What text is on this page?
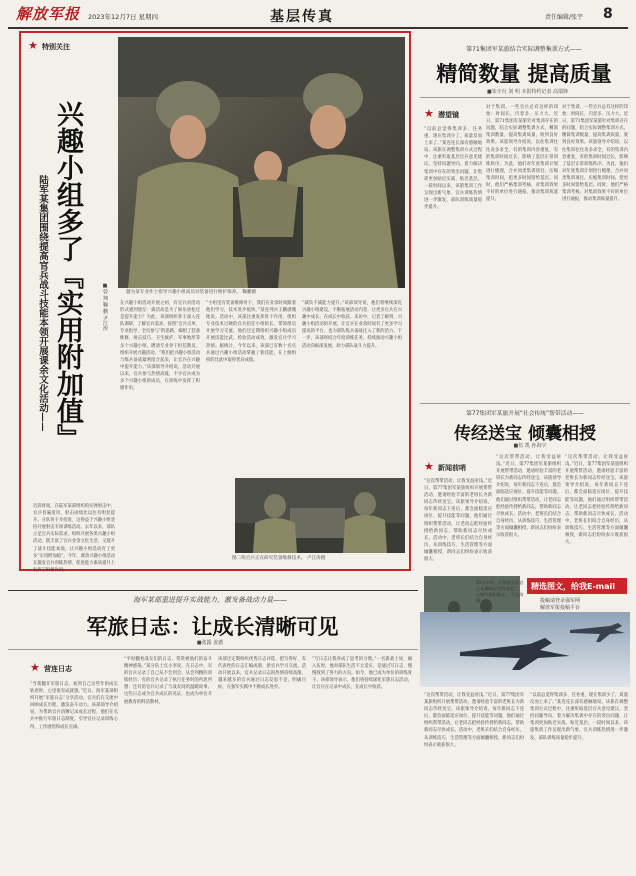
解放军报 2023年12月7日 星期四	基层传真	责任编辑/张宇 8
★ 特别关注
兴趣小组多了『实用附加值』
陆军某集团围绕提高官兵战斗技能本领开展课余文化活动——	■曾 翔 鞠 鹏 尹江涛	题为某专业作士指导兴趣小组成员对装备进行维护保养。 鞠鹏摄
图二组官兵正在研究装备维修技术。 卢江涛摄
近段时间，在陆军某部组织的实弹射击中，官兵普遍适用，射击成绩比以往有明显提升。分队骨干介绍说，这得益于兴趣小组坚持开展射击专项训练活动。去年以来，部队立足官兵实际需求，组织开展各类兴趣小组活动，既丰富了官兵业余文化生活，又提升了战斗技能本领，让兴趣小组活动有了更多“实用附加值”。今年，课余兴趣小组活动在激发官兵训练热情、促进能力素质提升上发挥了积极作用。
在兴趣小组活动开展之初，有官兵对活动形式感到迷茫：搞活动是为了娱乐放松还是提升能力？为此，该部组织骨干深入连队调研，了解官兵需求，按照“官兵点单、专业指导、全员参与”的思路，编组了装备维修、射击技巧、卫生救护、军事地形等多个兴趣小组，聘请专业骨干担任教员，组织开展兴趣活动。“我们把兴趣小组活动与练兵备战紧密结合起来，让官兵在兴趣中提升能力。”该部领导介绍说。活动开展以来，官兵参与热情高涨，不少官兵成为多个兴趣小组的成员，在训练中发挥了积极作用。
“小组里有装备维修骨干，我们在业余时间跟着他们学习，技术进步很快。”某连列兵王鹏感慨地说。活动中，该部注重发挥骨干作用，组织专业技术过硬的官兵担任小组组长，带领组员开展学习交流。他们还定期组织兴趣小组成员开展技能比武，检验活动成效，激发官兵学习热情。据统计，今年以来，该部已有数十名官兵通过兴趣小组活动掌握了新技能，在上级组织的比武中取得优异成绩。
“减负不减能力提升。”该部领导说，他们将继续深化兴趣小组建设，不断拓展活动内容，让更多官兵在兴趣中成长，在成长中收获。采访中，记者了解到，兴趣小组活动的开展，让官兵在业余时间有了更多学习提高的平台，也为部队练兵备战注入了新的活力。下一步，该部将结合年度训练任务，持续推动兴趣小组活动向纵深发展，助力部队战斗力提升。
第71集团军某旅结合实际调整集训方式——
精简数量 提高质量
■朱宇台 刘 明 本报特约记者 高瑞锋
★ 潜望镜
“以前总觉得集训多、任务重，现在集训少了，质量反而上来了。”某连连长深有感触地说。该旅在调整集训方式过程中，注重听取基层官兵意见建议，坚持问题导向，着力解决集训中存在的突出问题，让集训更加贴近实战、贴近基层。一段时间以来，该旅集训工作呈现出新气象，官兵训练热情进一步激发，部队训练质量稳步提升。
对于集训，一些官兵总有这样的印象：时间长、内容多、压力大。近日，第71集团军某旅针对集训存在的问题，结合实际调整集训方式，精简集训数量，提高集训质量，收到良好效果。该旅领导介绍说，以往集训往往贪多求全，有的集训内容重复，有的集训时间过长，影响了基层正常训练秩序。为此，他们对年度集训计划进行梳理，合并同类集训项目，压缩集训时间，把更多时间留给基层。同时，他们严格集训考核，对集训效果不好的单位进行通报，推动集训质量提升。
对于集训，一些官兵总有这样的印象：时间长、内容多、压力大。近日，第71集团军某旅针对集训存在的问题，结合实际调整集训方式，精简集训数量，提高集训质量，收到良好效果。该旅领导介绍说，以往集训往往贪多求全，有的集训内容重复，有的集训时间过长，影响了基层正常训练秩序。为此，他们对年度集训计划进行梳理，合并同类集训项目，压缩集训时间，把更多时间留给基层。同时，他们严格集训考核，对集训效果不好的单位进行通报，推动集训质量提升。
第77集团军某旅开展“社会传统”帮带活动——
传经送宝 倾囊相授
■伍 凯 孙海宇
★ 新闻前哨
“这次帮带活动，让我受益匪浅。”近日，第77集团军某旅组织开展帮带活动，邀请经验丰富的老班长为新同志传经送宝。该旅领导介绍说，每年新同志下连后，都会面临适应岗位、提升技能等问题，他们通过组织帮带活动，让老同志把经验传授给新同志，帮助新同志尽快成长。活动中，老班长们结合自身经历，从训练技巧、生活管理等方面倾囊相授，新同志们纷纷表示收获很大。
“这次帮带活动，让我受益匪浅。”近日，第77集团军某旅组织开展帮带活动，邀请经验丰富的老班长为新同志传经送宝。该旅领导介绍说，每年新同志下连后，都会面临适应岗位、提升技能等问题，他们通过组织帮带活动，让老同志把经验传授给新同志，帮助新同志尽快成长。活动中，老班长们结合自身经历，从训练技巧、生活管理等方面倾囊相授，新同志们纷纷表示收获很大。
“这次帮带活动，让我受益匪浅。”近日，第77集团军某旅组织开展帮带活动，邀请经验丰富的老班长为新同志传经送宝。该旅领导介绍说，每年新同志下连后，都会面临适应岗位、提升技能等问题，他们通过组织帮带活动，让老同志把经验传授给新同志，帮助新同志尽快成长。活动中，老班长们结合自身经历，从训练技巧、生活管理等方面倾囊相授，新同志们纷纷表示收获很大。
11月中旬，武警某支队官兵在确保安全的前提下，在野外组织练兵。 马文涛摄
精选图文，给我E-mail
投稿请登录强军网
解放军报投稿平台
海军某部重进提升实战能力，激发备战动力量——
军旅日志：让成长清晰可见
■张露 姜德
★ 营连日志
“当我翻开军旅日志，看到自己这些年的成长轨迹时，心里很有成就感。”近日，海军某部组织开展“军旅日志”分享活动，官兵们在交流中回顾成长历程，激发奋斗动力。该部领导介绍说，为帮助官兵清晰记录成长过程，他们在官兵中推行军旅日志制度，引导官兵记录训练心得、工作感悟和成长点滴。
“平时翻看战友们的日志，常常被他们的奋斗精神感染。”某分队士官小李说。在日志中，有的官兵记录了自己从不会到会、从会到精的训练经历；有的官兵记录了执行任务时的所思所想；还有的官兵记录了与战友间的温暖故事。这些日志成为官兵成长的见证，也成为单位开展教育的鲜活教材。
该部还定期组织优秀日志评选，把写得好、有代表性的日志汇编成册，供官兵学习交流。活动开展以来，官兵记录日志的热情持续高涨，越来越多的官兵通过日志反思不足、明确目标，在强军实践中不断成长进步。
“写日志让我养成了思考的习惯。”一名新战士说，刚入伍时，他对部队生活不太适应，是通过写日志，慢慢找到了努力的方向。如今，他已成为单位的训练骨干。该部领导表示，他们将持续深化军旅日志活动，让官兵在记录中成长，在成长中收获。
“这次帮带活动，让我受益匪浅。”近日，第77集团军某旅组织开展帮带活动，邀请经验丰富的老班长为新同志传经送宝。该旅领导介绍说，每年新同志下连后，都会面临适应岗位、提升技能等问题，他们通过组织帮带活动，让老同志把经验传授给新同志，帮助新同志尽快成长。活动中，老班长们结合自身经历，从训练技巧、生活管理等方面倾囊相授，新同志们纷纷表示收获很大。
“以前总觉得集训多、任务重，现在集训少了，质量反而上来了。”某连连长深有感触地说。该旅在调整集训方式过程中，注重听取基层官兵意见建议，坚持问题导向，着力解决集训中存在的突出问题，让集训更加贴近实战、贴近基层。一段时间以来，该旅集训工作呈现出新气象，官兵训练热情进一步激发，部队训练质量稳步提升。
